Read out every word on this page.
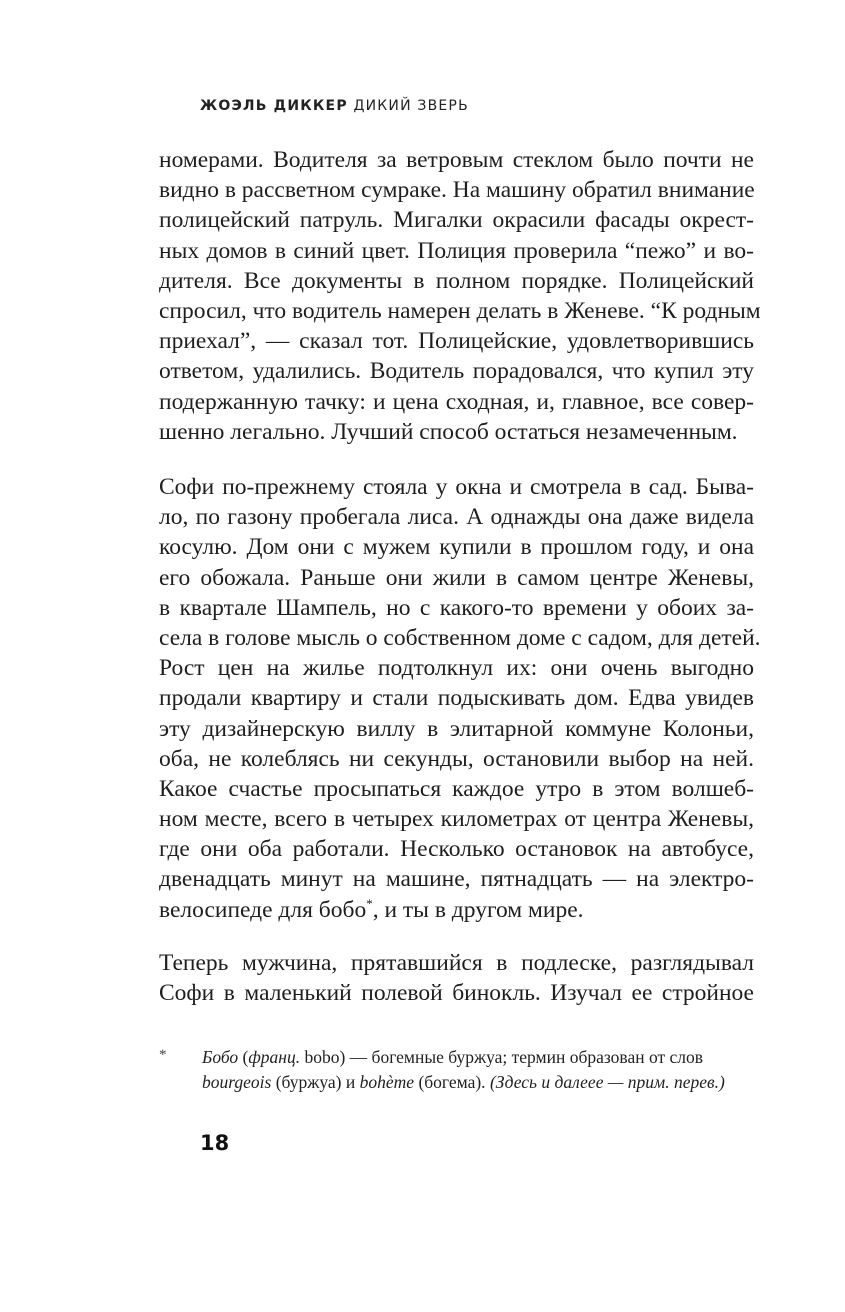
ЖОЭЛЬ ДИККЕР ДИКИЙ ЗВЕРЬ
номерами. Водителя за ветровым стеклом было почти не
видно в рассветном сумраке. На машину обратил внимание
полицейский патруль. Мигалки окрасили фасады окрест-
ных домов в синий цвет. Полиция проверила “пежо” и во-
дителя. Все документы в полном порядке. Полицейский
спросил, что водитель намерен делать в Женеве. “К родным
приехал”, — сказал тот. Полицейские, удовлетворившись
ответом, удалились. Водитель порадовался, что купил эту
подержанную тачку: и цена сходная, и, главное, все совер-
шенно легально. Лучший способ остаться незамеченным.
Софи по-прежнему стояла у окна и смотрела в сад. Быва-
ло, по газону пробегала лиса. А однажды она даже видела
косулю. Дом они с мужем купили в прошлом году, и она
его обожала. Раньше они жили в самом центре Женевы,
в квартале Шампель, но с какого-то времени у обоих за-
села в голове мысль о собственном доме с садом, для детей.
Рост цен на жилье подтолкнул их: они очень выгодно
продали квартиру и стали подыскивать дом. Едва увидев
эту дизайнерскую виллу в элитарной коммуне Колоньи,
оба, не колеблясь ни секунды, остановили выбор на ней.
Какое счастье просыпаться каждое утро в этом волшеб-
ном месте, всего в четырех километрах от центра Женевы,
где они оба работали. Несколько остановок на автобусе,
двенадцать минут на машине, пятнадцать — на электро-
велосипеде для бобо*, и ты в другом мире.
Теперь мужчина, прятавшийся в подлеске, разглядывал
Софи в маленький полевой бинокль. Изучал ее стройное
* Бобо (франц. bobo) — богемные буржуа; термин образован от слов
bourgeois (буржуа) и bohème (богема). (Здесь и далеее — прим. перев.)
18
